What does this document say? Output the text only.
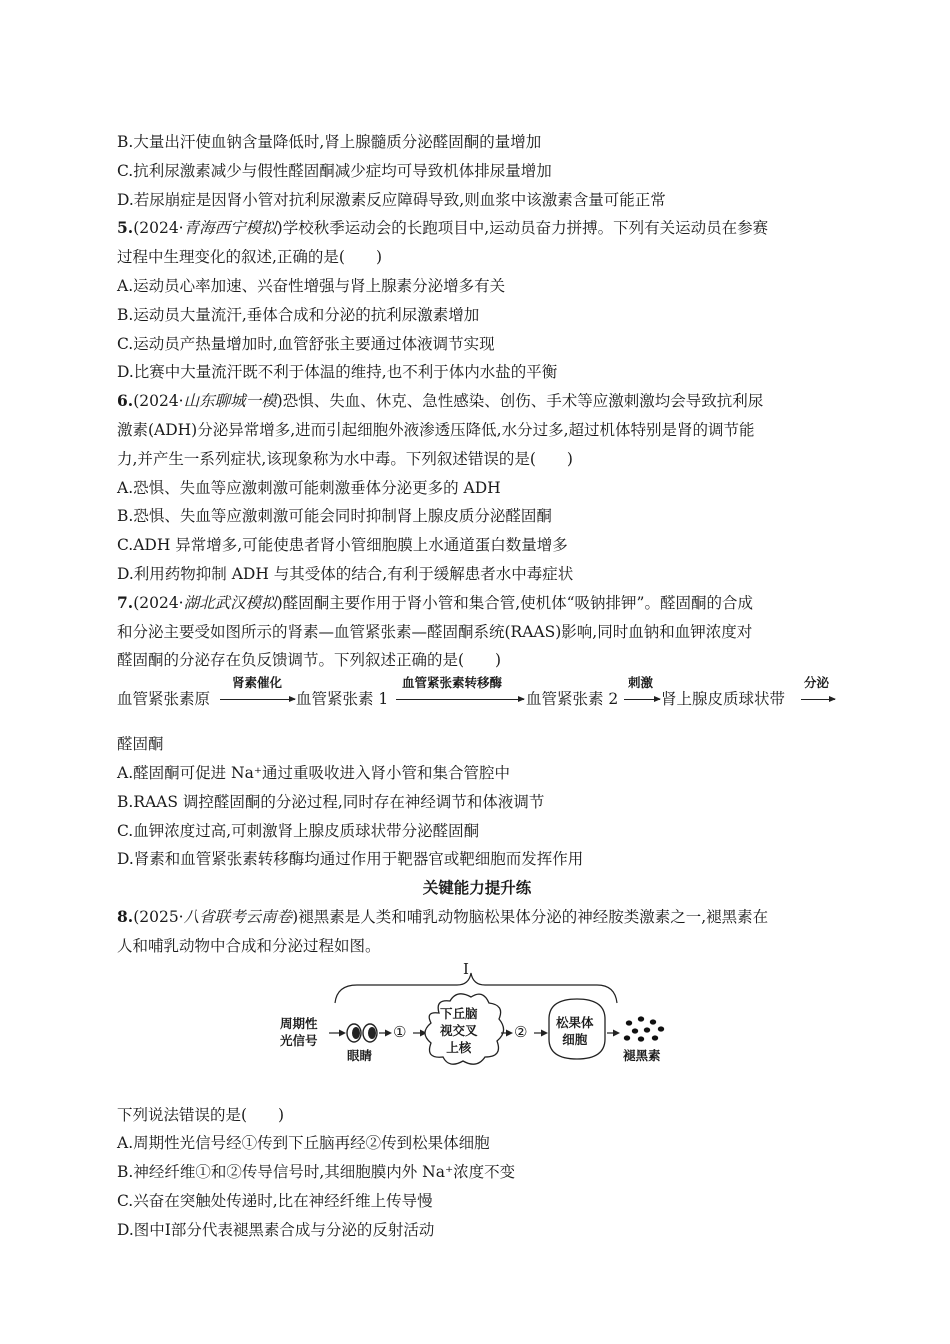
B.大量出汗使血钠含量降低时,肾上腺髓质分泌醛固酮的量增加
C.抗利尿激素减少与假性醛固酮减少症均可导致机体排尿量增加
D.若尿崩症是因肾小管对抗利尿激素反应障碍导致,则血浆中该激素含量可能正常
5.(2024·青海西宁模拟)学校秋季运动会的长跑项目中,运动员奋力拼搏。下列有关运动员在参赛
过程中生理变化的叙述,正确的是(　　)
A.运动员心率加速、兴奋性增强与肾上腺素分泌增多有关
B.运动员大量流汗,垂体合成和分泌的抗利尿激素增加
C.运动员产热量增加时,血管舒张主要通过体液调节实现
D.比赛中大量流汗既不利于体温的维持,也不利于体内水盐的平衡
6.(2024·山东聊城一模)恐惧、失血、休克、急性感染、创伤、手术等应激刺激均会导致抗利尿
激素(ADH)分泌异常增多,进而引起细胞外液渗透压降低,水分过多,超过机体特别是肾的调节能
力,并产生一系列症状,该现象称为水中毒。下列叙述错误的是(　　)
A.恐惧、失血等应激刺激可能刺激垂体分泌更多的 ADH
B.恐惧、失血等应激刺激可能会同时抑制肾上腺皮质分泌醛固酮
C.ADH 异常增多,可能使患者肾小管细胞膜上水通道蛋白数量增多
D.利用药物抑制 ADH 与其受体的结合,有利于缓解患者水中毒症状
7.(2024·湖北武汉模拟)醛固酮主要作用于肾小管和集合管,使机体“吸钠排钾”。醛固酮的合成
和分泌主要受如图所示的肾素—血管紧张素—醛固酮系统(RAAS)影响,同时血钠和血钾浓度对
醛固酮的分泌存在负反馈调节。下列叙述正确的是(　　)
血管紧张素原
肾素催化
血管紧张素 1
血管紧张素转移酶
血管紧张素 2
刺激
肾上腺皮质球状带
分泌
醛固酮
A.醛固酮可促进 Na⁺通过重吸收进入肾小管和集合管腔中
B.RAAS 调控醛固酮的分泌过程,同时存在神经调节和体液调节
C.血钾浓度过高,可刺激肾上腺皮质球状带分泌醛固酮
D.肾素和血管紧张素转移酶均通过作用于靶器官或靶细胞而发挥作用
关键能力提升练
8.(2025·八省联考云南卷)褪黑素是人类和哺乳动物脑松果体分泌的神经胺类激素之一,褪黑素在
人和哺乳动物中合成和分泌过程如图。
I
周期性
光信号
眼睛
①
下丘脑
视交叉
上核
②
松果体
细胞
褪黑素
下列说法错误的是(　　)
A.周期性光信号经①传到下丘脑再经②传到松果体细胞
B.神经纤维①和②传导信号时,其细胞膜内外 Na⁺浓度不变
C.兴奋在突触处传递时,比在神经纤维上传导慢
D.图中Ⅰ部分代表褪黑素合成与分泌的反射活动
